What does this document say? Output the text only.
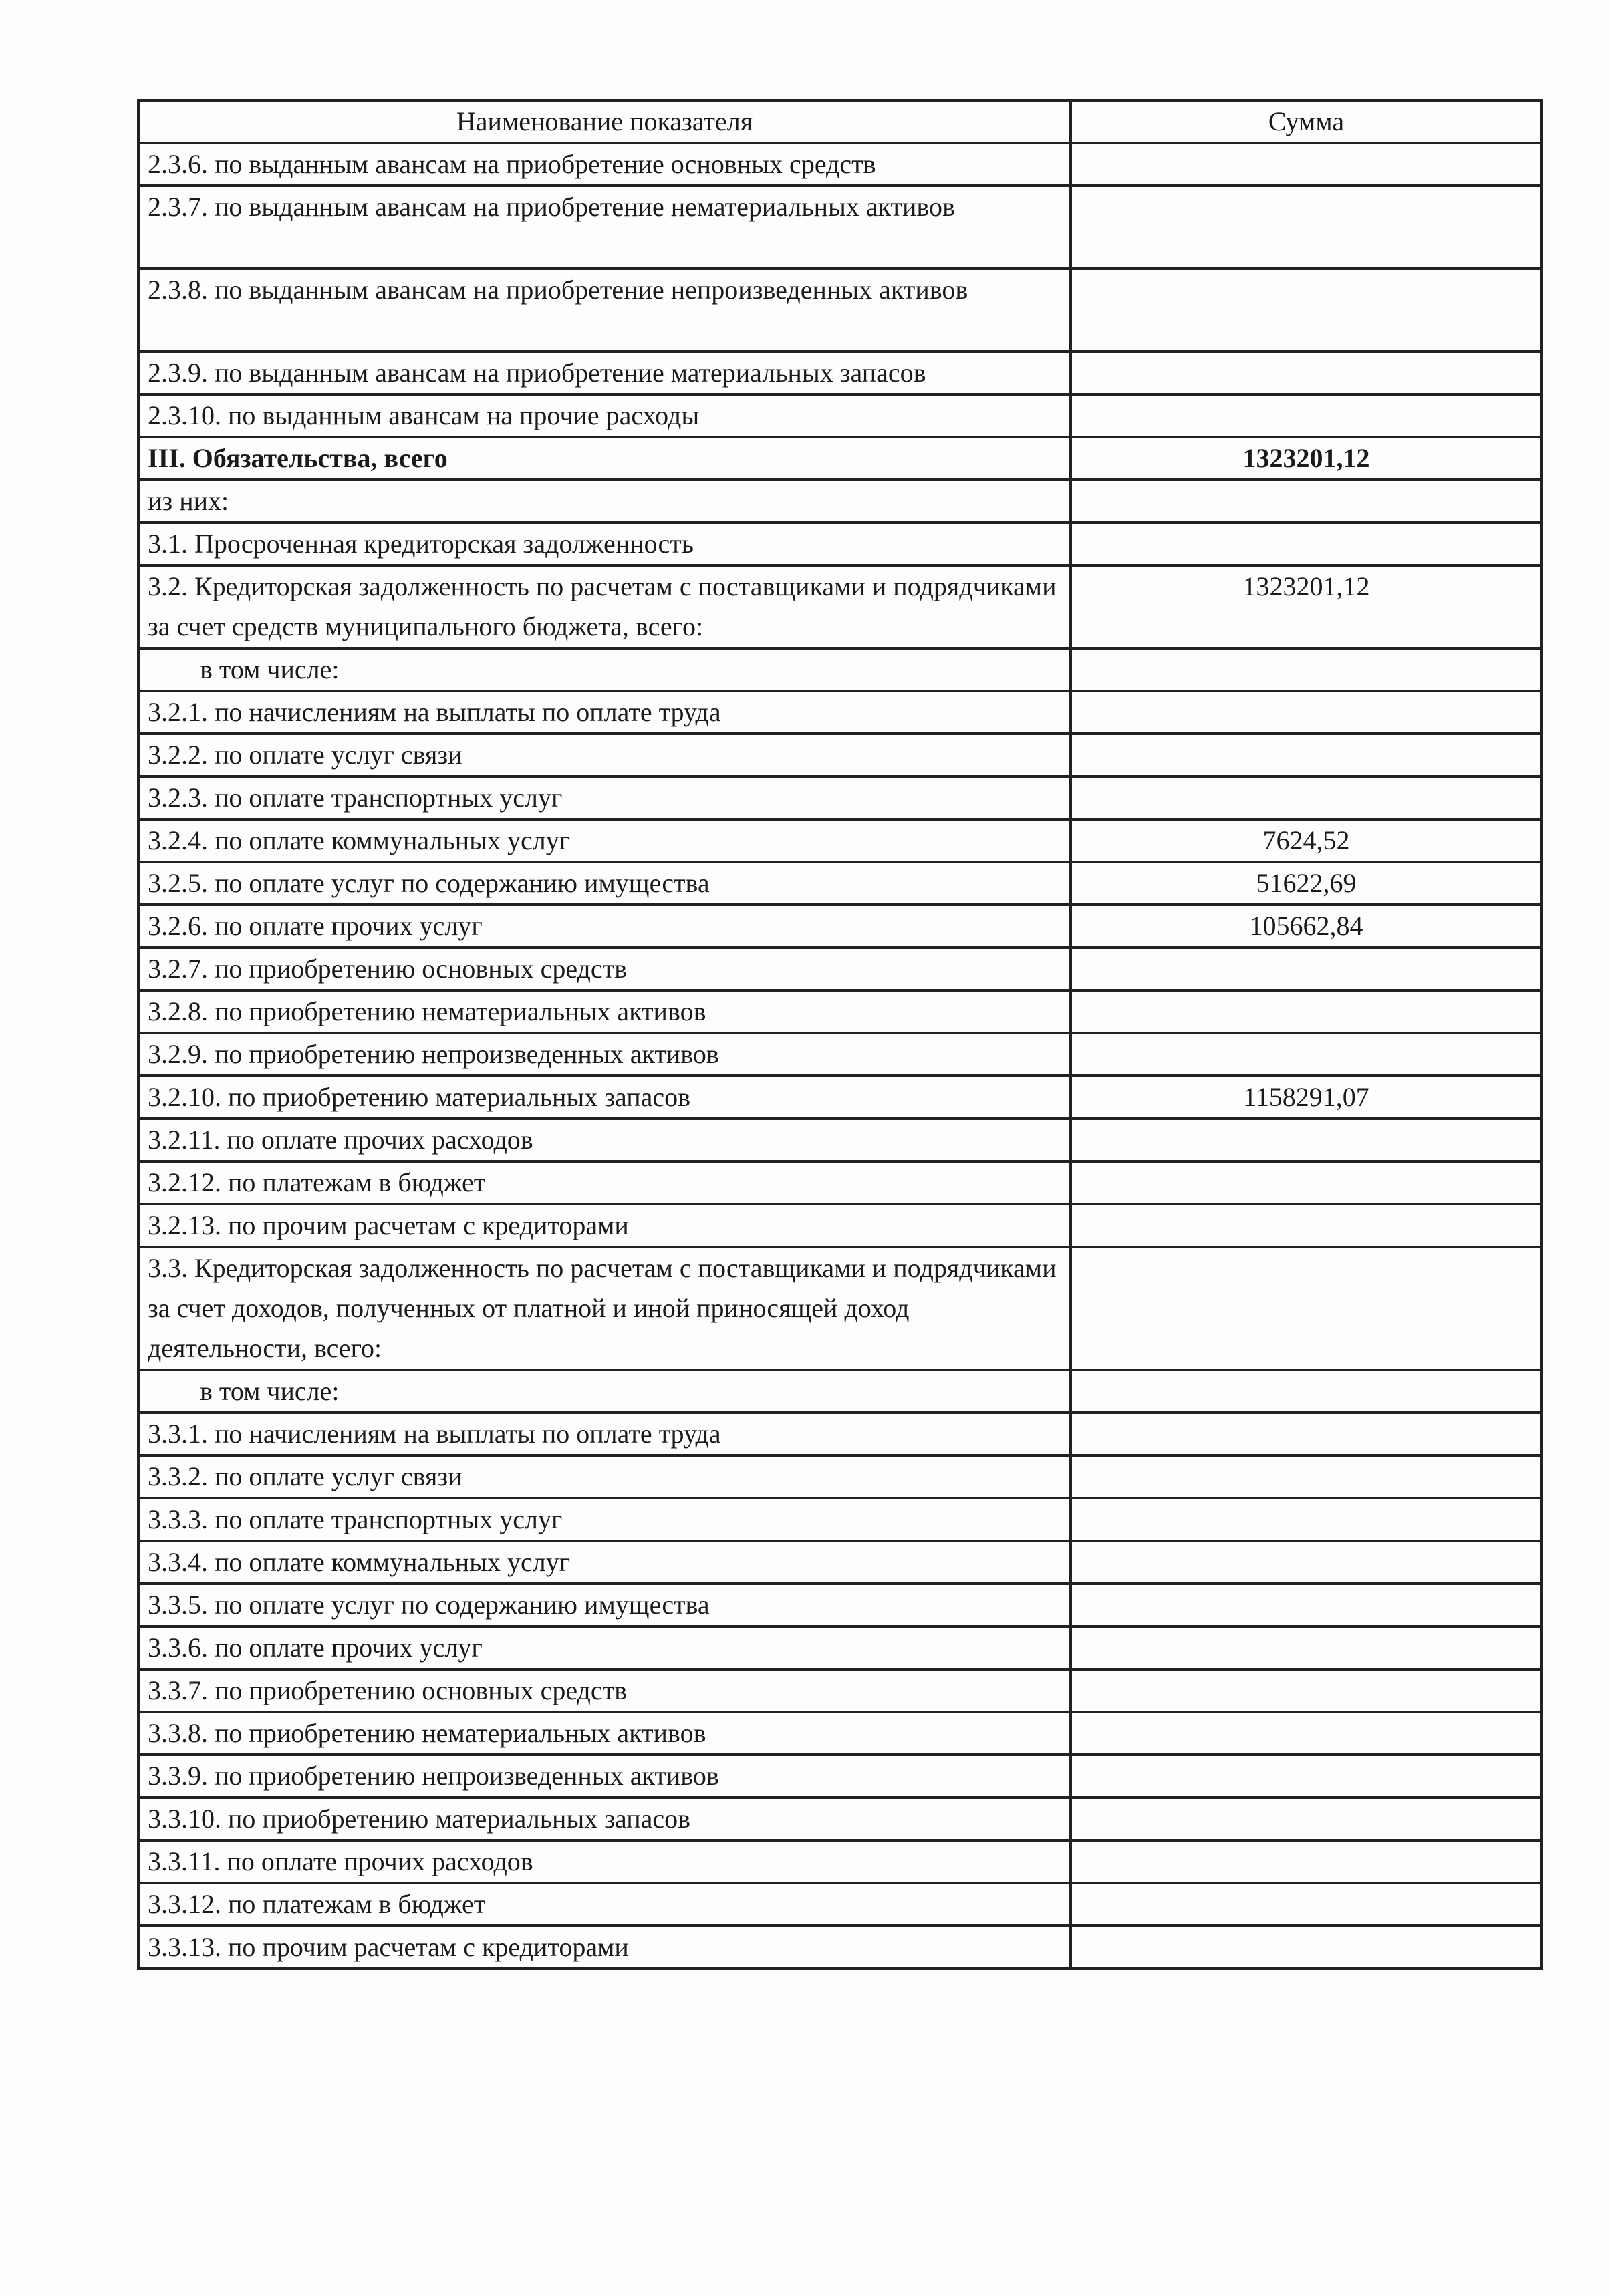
Наименование показателя	Сумма
2.3.6. по выданным авансам на приобретение основных средств	
2.3.7. по выданным авансам на приобретение нематериальных активов	
2.3.8. по выданным авансам на приобретение непроизведенных активов	
2.3.9. по выданным авансам на приобретение материальных запасов	
2.3.10. по выданным авансам на прочие расходы	
III. Обязательства, всего	1323201,12
из них:	
3.1. Просроченная кредиторская задолженность	
3.2. Кредиторская задолженность по расчетам с поставщиками и подрядчиками за счет средств муниципального бюджета, всего:	1323201,12
в том числе:	
3.2.1. по начислениям на выплаты по оплате труда	
3.2.2. по оплате услуг связи	
3.2.3. по оплате транспортных услуг	
3.2.4. по оплате коммунальных услуг	7624,52
3.2.5. по оплате услуг по содержанию имущества	51622,69
3.2.6. по оплате прочих услуг	105662,84
3.2.7. по приобретению основных средств	
3.2.8. по приобретению нематериальных активов	
3.2.9. по приобретению непроизведенных активов	
3.2.10. по приобретению материальных запасов	1158291,07
3.2.11. по оплате прочих расходов	
3.2.12. по платежам в бюджет	
3.2.13. по прочим расчетам с кредиторами	
3.3. Кредиторская задолженность по расчетам с поставщиками и подрядчиками за счет доходов, полученных от платной и иной приносящей доход деятельности, всего:	
в том числе:	
3.3.1. по начислениям на выплаты по оплате труда	
3.3.2. по оплате услуг связи	
3.3.3. по оплате транспортных услуг	
3.3.4. по оплате коммунальных услуг	
3.3.5. по оплате услуг по содержанию имущества	
3.3.6. по оплате прочих услуг	
3.3.7. по приобретению основных средств	
3.3.8. по приобретению нематериальных активов	
3.3.9. по приобретению непроизведенных активов	
3.3.10. по приобретению материальных запасов	
3.3.11. по оплате прочих расходов	
3.3.12. по платежам в бюджет	
3.3.13. по прочим расчетам с кредиторами	
